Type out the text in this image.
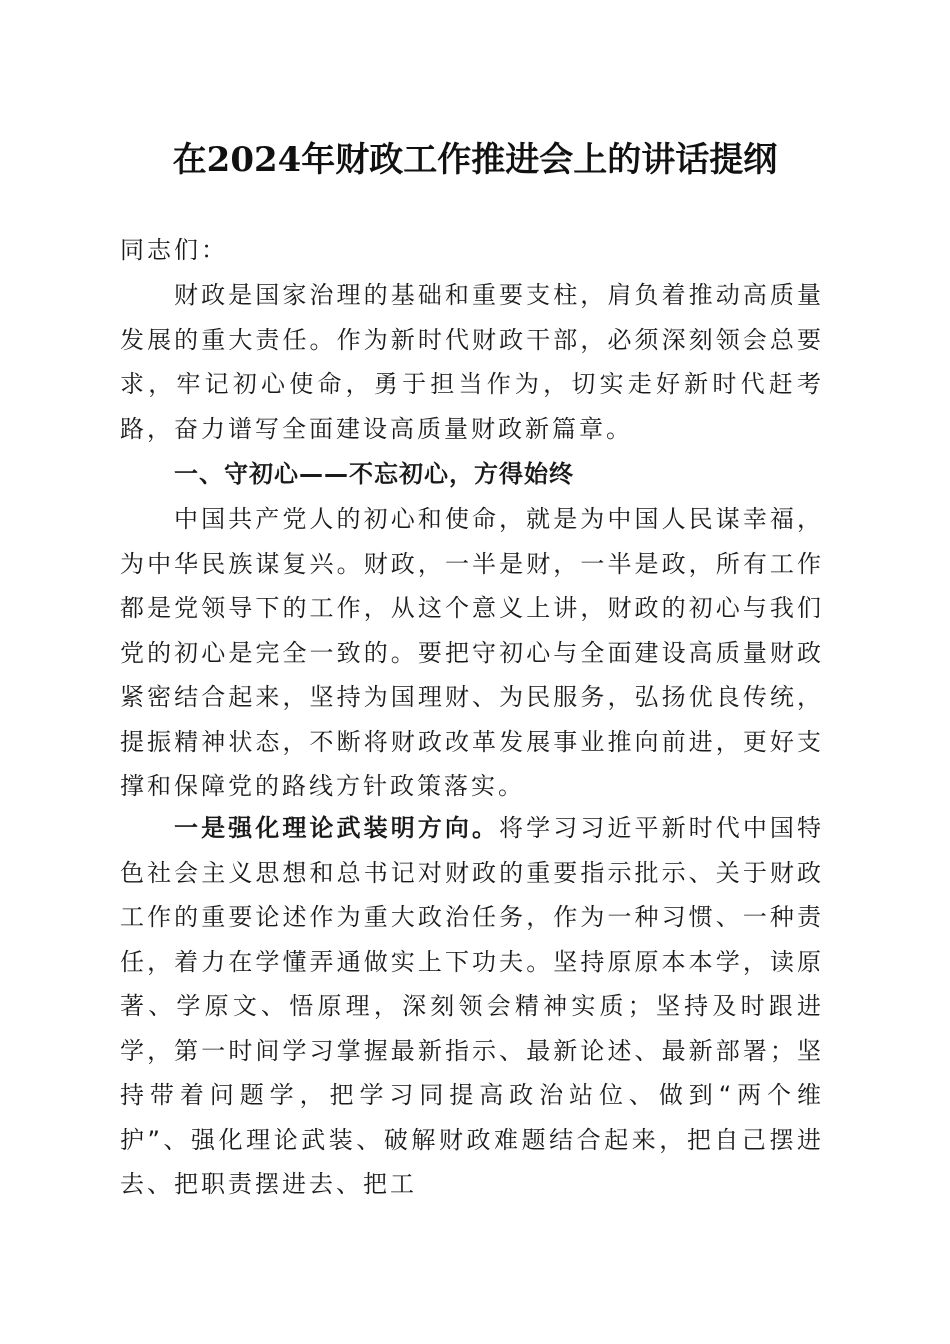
在2024年财政工作推进会上的讲话提纲
同志们：

财政是国家治理的基础和重要支柱，肩负着推动高质量发展的重大责任。作为新时代财政干部，必须深刻领会总要求，牢记初心使命，勇于担当作为，切实走好新时代赶考路，奋力谱写全面建设高质量财政新篇章。

一、守初心——不忘初心，方得始终

中国共产党人的初心和使命，就是为中国人民谋幸福，为中华民族谋复兴。财政，一半是财，一半是政，所有工作都是党领导下的工作，从这个意义上讲，财政的初心与我们党的初心是完全一致的。要把守初心与全面建设高质量财政紧密结合起来，坚持为国理财、为民服务，弘扬优良传统，提振精神状态，不断将财政改革发展事业推向前进，更好支撑和保障党的路线方针政策落实。

一是强化理论武装明方向。将学习习近平新时代中国特色社会主义思想和总书记对财政的重要指示批示、关于财政工作的重要论述作为重大政治任务，作为一种习惯、一种责任，着力在学懂弄通做实上下功夫。坚持原原本本学，读原著、学原文、悟原理，深刻领会精神实质；坚持及时跟进学，第一时间学习掌握最新指示、最新论述、最新部署；坚持带着问题学，把学习同提高政治站位、做到“两个维护”、强化理论武装、破解财政难题结合起来，把自己摆进去、把职责摆进去、把工
